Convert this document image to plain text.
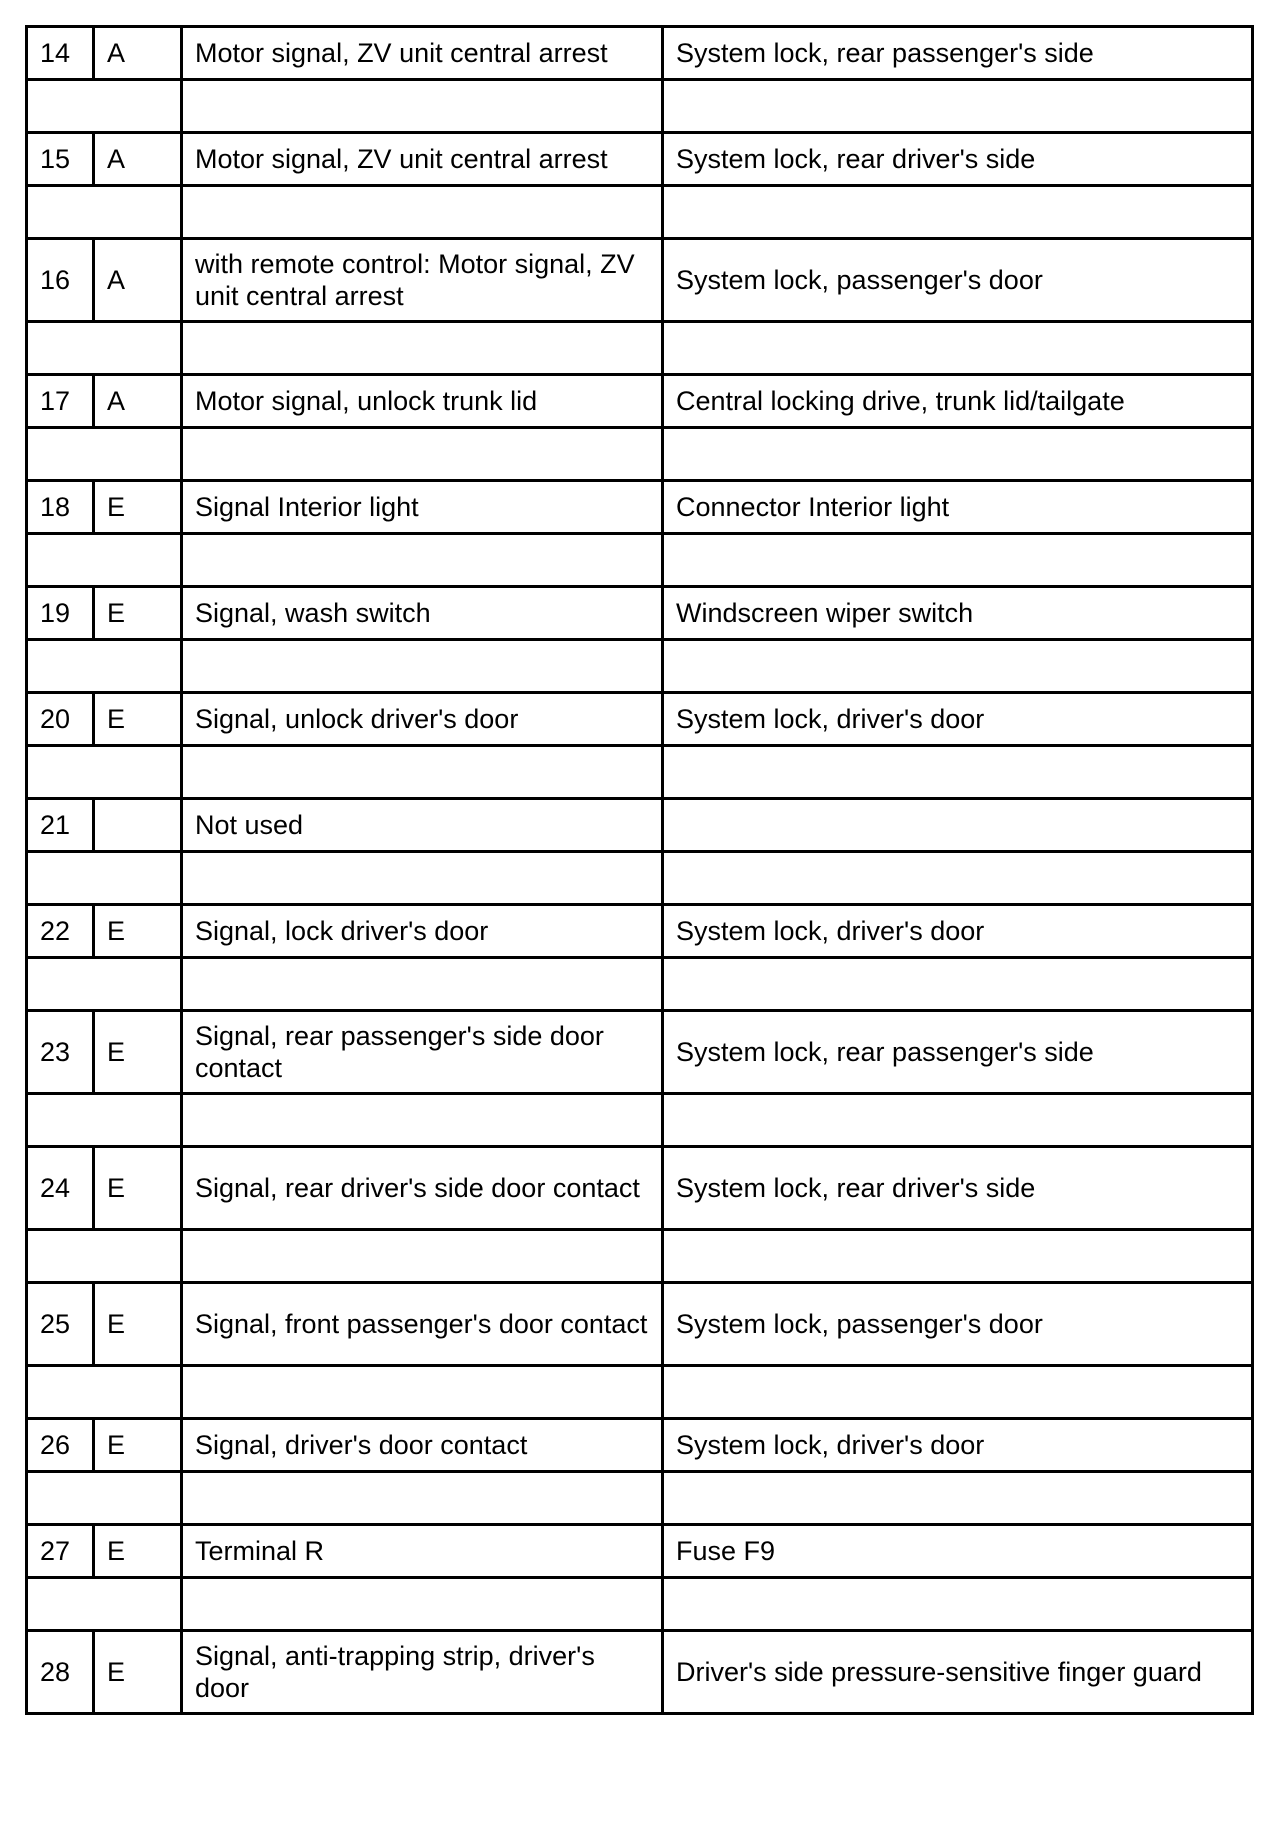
14	A	Motor signal, ZV unit central arrest	System lock, rear passenger's side

15	A	Motor signal, ZV unit central arrest	System lock, rear driver's side

16	A	with remote control: Motor signal, ZV unit central arrest	System lock, passenger's door

17	A	Motor signal, unlock trunk lid	Central locking drive, trunk lid/tailgate

18	E	Signal Interior light	Connector Interior light

19	E	Signal, wash switch	Windscreen wiper switch

20	E	Signal, unlock driver's door	System lock, driver's door

21		Not used	

22	E	Signal, lock driver's door	System lock, driver's door

23	E	Signal, rear passenger's side door contact	System lock, rear passenger's side

24	E	Signal, rear driver's side door contact	System lock, rear driver's side

25	E	Signal, front passenger's door contact	System lock, passenger's door

26	E	Signal, driver's door contact	System lock, driver's door

27	E	Terminal R	Fuse F9

28	E	Signal, anti-trapping strip, driver's door	Driver's side pressure-sensitive finger guard
